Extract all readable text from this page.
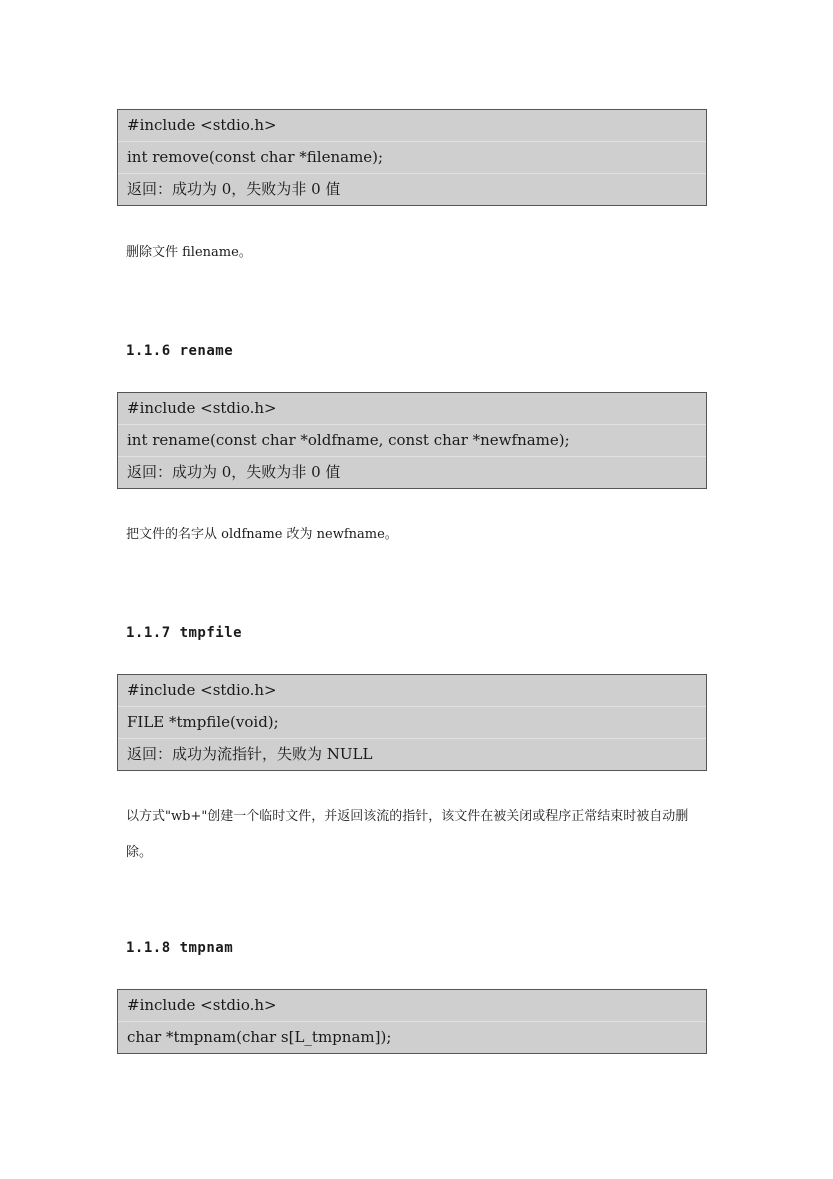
#include <stdio.h>
int remove(const char *filename);
返回：成功为 0，失败为非 0 值
删除文件 filename。
1.1.6 rename
#include <stdio.h>
int rename(const char *oldfname, const char *newfname);
返回：成功为 0，失败为非 0 值
把文件的名字从 oldfname 改为 newfname。
1.1.7 tmpfile
#include <stdio.h>
FILE *tmpfile(void);
返回：成功为流指针，失败为 NULL
以方式"wb+"创建一个临时文件，并返回该流的指针，该文件在被关闭或程序正常结束时被自动删除。
1.1.8 tmpnam
#include <stdio.h>
char *tmpnam(char s[L_tmpnam]);
